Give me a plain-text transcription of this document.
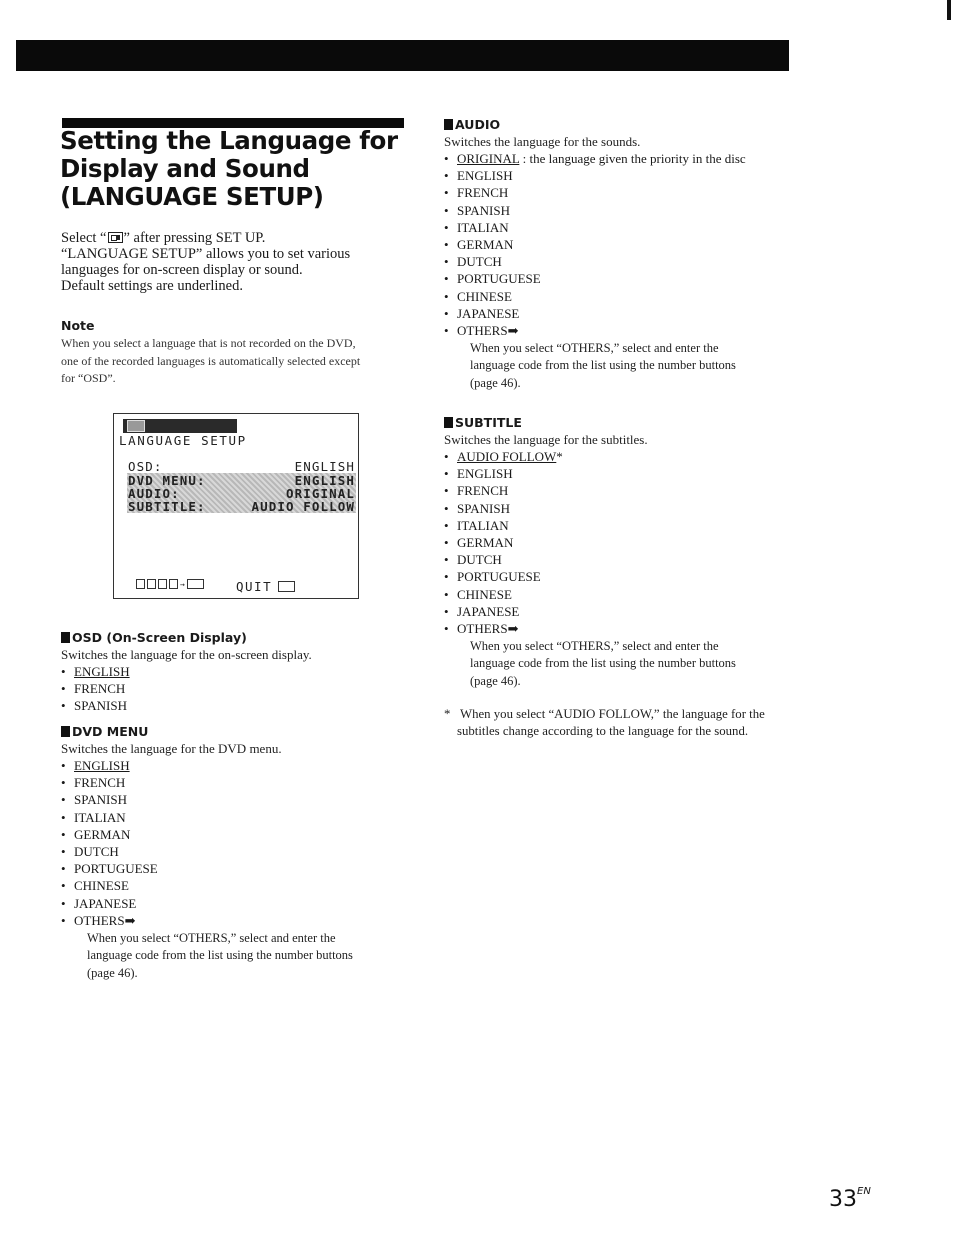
Setting the Language for
Display and Sound
(LANGUAGE SETUP)
Select “ ” after pressing SET UP.
“LANGUAGE SETUP” allows you to set various
languages for on-screen display or sound.
Default settings are underlined.
Note
When you select a language that is not recorded on the DVD,
one of the recorded languages is automatically selected except
for “OSD”.
LANGUAGE SETUP
OSD:	ENGLISH
DVD MENU:	ENGLISH
AUDIO:	ORIGINAL
SUBTITLE:	AUDIO FOLLOW
→	QUIT
OSD (On-Screen Display)
Switches the language for the on-screen display.
• ENGLISH
• FRENCH
• SPANISH
DVD MENU
Switches the language for the DVD menu.
• ENGLISH
• FRENCH
• SPANISH
• ITALIAN
• GERMAN
• DUTCH
• PORTUGUESE
• CHINESE
• JAPANESE
• OTHERS➡
When you select “OTHERS,” select and enter the
language code from the list using the number buttons
(page 46).
AUDIO
Switches the language for the sounds.
• ORIGINAL : the language given the priority in the disc
• ENGLISH
• FRENCH
• SPANISH
• ITALIAN
• GERMAN
• DUTCH
• PORTUGUESE
• CHINESE
• JAPANESE
• OTHERS➡
When you select “OTHERS,” select and enter the
language code from the list using the number buttons
(page 46).
SUBTITLE
Switches the language for the subtitles.
• AUDIO FOLLOW*
• ENGLISH
• FRENCH
• SPANISH
• ITALIAN
• GERMAN
• DUTCH
• PORTUGUESE
• CHINESE
• JAPANESE
• OTHERS➡
When you select “OTHERS,” select and enter the
language code from the list using the number buttons
(page 46).
* When you select “AUDIO FOLLOW,” the language for the
subtitles change according to the language for the sound.
$33^{EN}$
